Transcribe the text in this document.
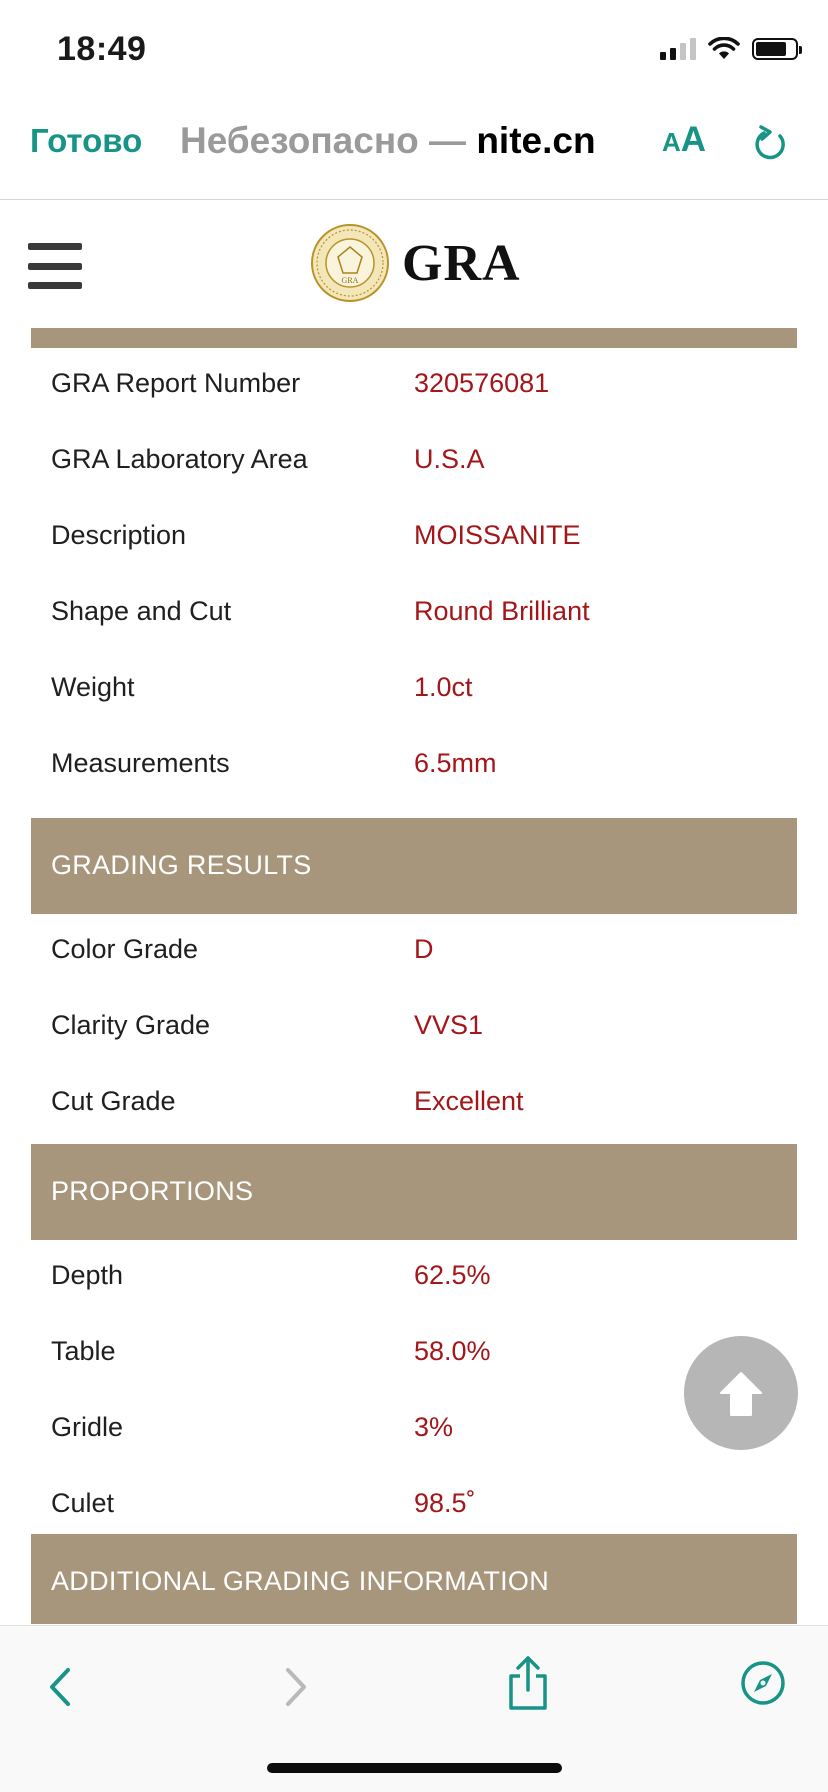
18:49
Готово Небезопасно — nite.cn	AA
GRA GRA
GRA Report Number	320576081
GRA Laboratory Area	U.S.A
Description	MOISSANITE
Shape and Cut	Round Brilliant
Weight	1.0ct
Measurements	6.5mm
GRADING RESULTS
Color Grade	D
Clarity Grade	VVS1
Cut Grade	Excellent
PROPORTIONS
Depth	62.5%
Table	58.0%
Gridle	3%
Culet	98.5˚
ADDITIONAL GRADING INFORMATION
